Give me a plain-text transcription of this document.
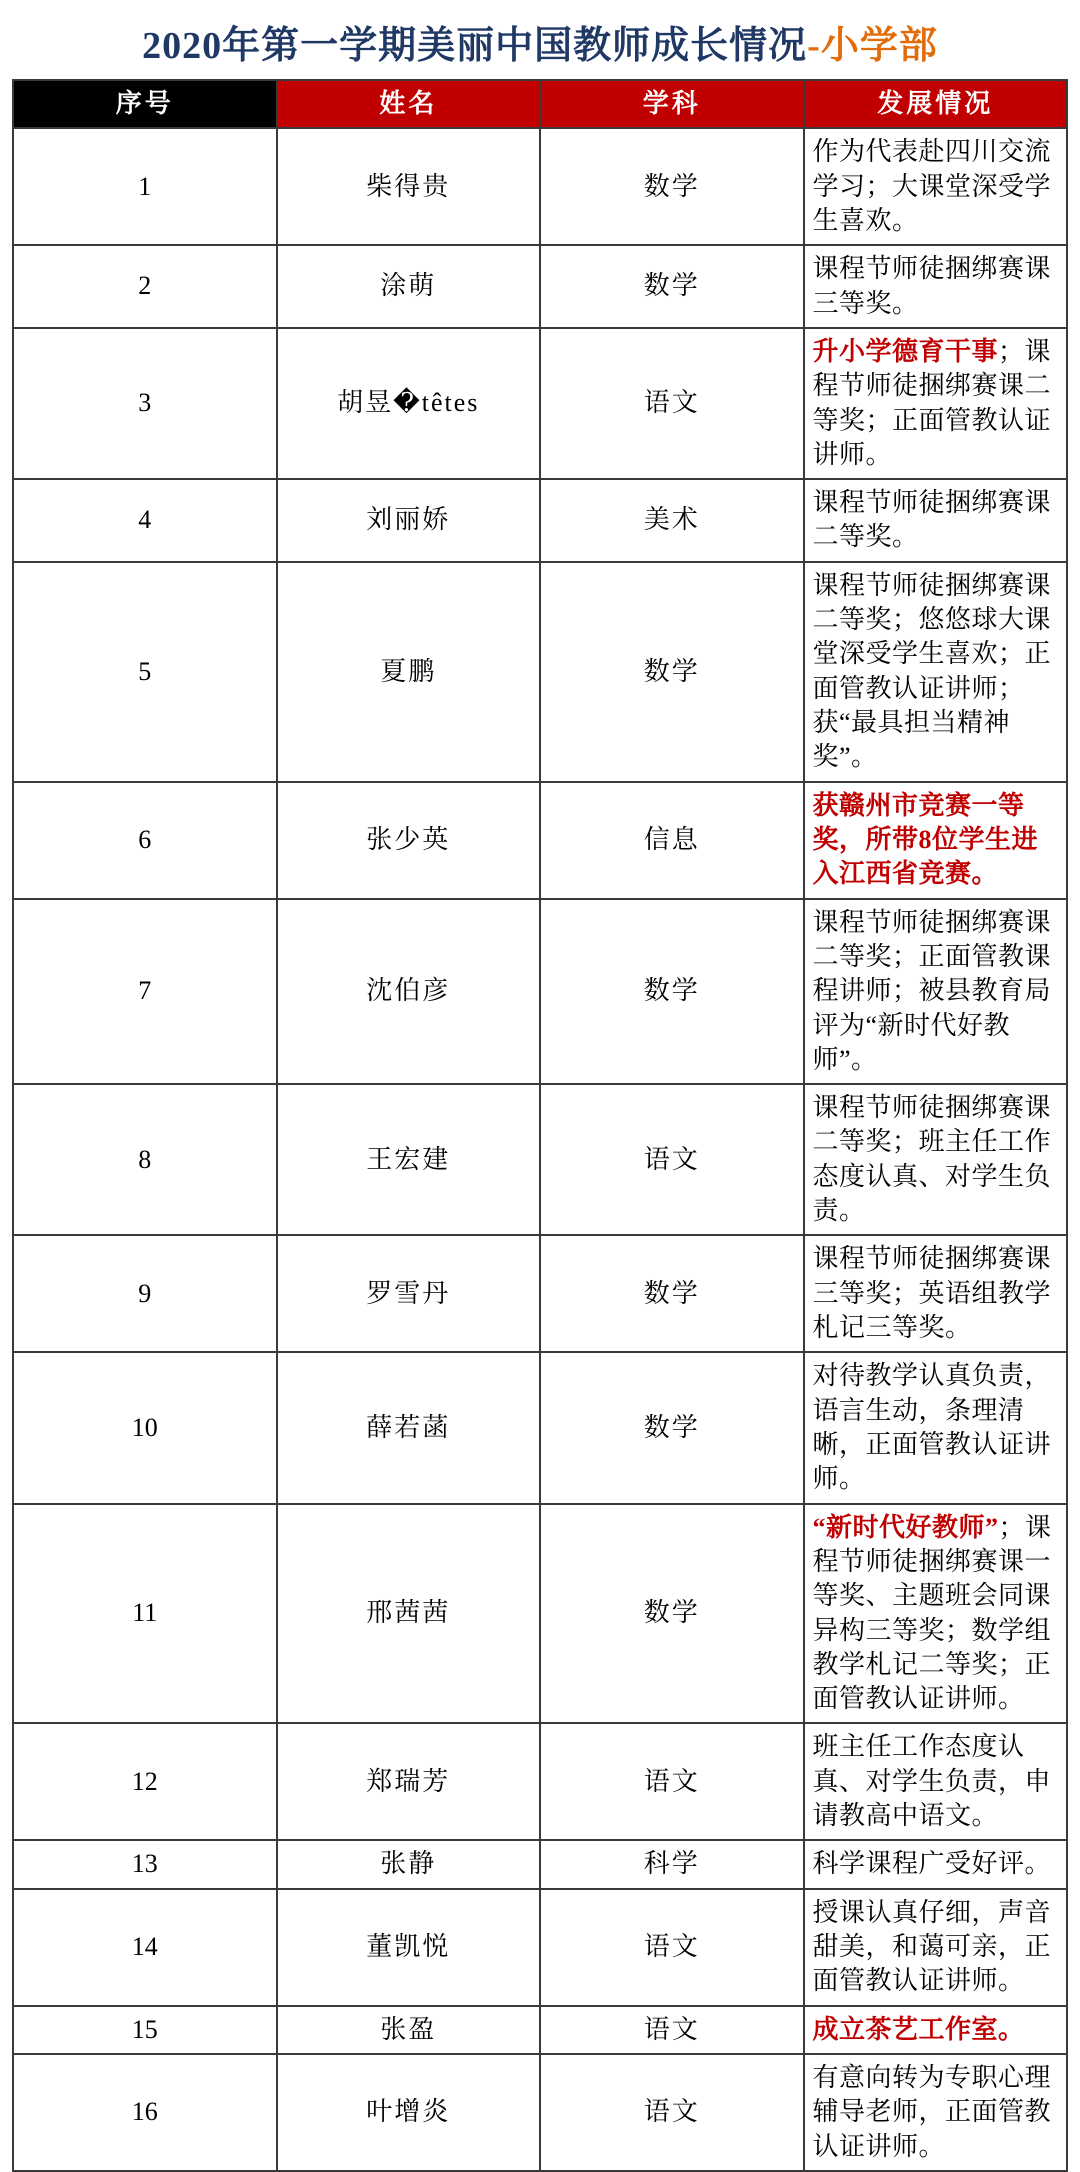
2020年第一学期美丽中国教师成长情况-小学部
序号	姓名	学科	发展情况
1	柴得贵	数学	作为代表赴四川交流学习；大课堂深受学生喜欢。
2	涂萌	数学	课程节师徒捆绑赛课三等奖。
3	胡昱�têtes	语文	升小学德育干事；课程节师徒捆绑赛课二等奖；正面管教认证讲师。
4	刘丽娇	美术	课程节师徒捆绑赛课二等奖。
5	夏鹏	数学	课程节师徒捆绑赛课二等奖；悠悠球大课堂深受学生喜欢；正面管教认证讲师；获“最具担当精神奖”。
6	张少英	信息	获赣州市竞赛一等奖，所带8位学生进入江西省竞赛。
7	沈伯彦	数学	课程节师徒捆绑赛课二等奖；正面管教课程讲师；被县教育局评为“新时代好教师”。
8	王宏建	语文	课程节师徒捆绑赛课二等奖；班主任工作态度认真、对学生负责。
9	罗雪丹	数学	课程节师徒捆绑赛课三等奖；英语组教学札记三等奖。
10	薛若菡	数学	对待教学认真负责，语言生动，条理清晰，正面管教认证讲师。
11	邢茜茜	数学	“新时代好教师”；课程节师徒捆绑赛课一等奖、主题班会同课异构三等奖；数学组教学札记二等奖；正面管教认证讲师。
12	郑瑞芳	语文	班主任工作态度认真、对学生负责，申请教高中语文。
13	张静	科学	科学课程广受好评。
14	董凯悦	语文	授课认真仔细，声音甜美，和蔼可亲，正面管教认证讲师。
15	张盈	语文	成立茶艺工作室。
16	叶增炎	语文	有意向转为专职心理辅导老师，正面管教认证讲师。
